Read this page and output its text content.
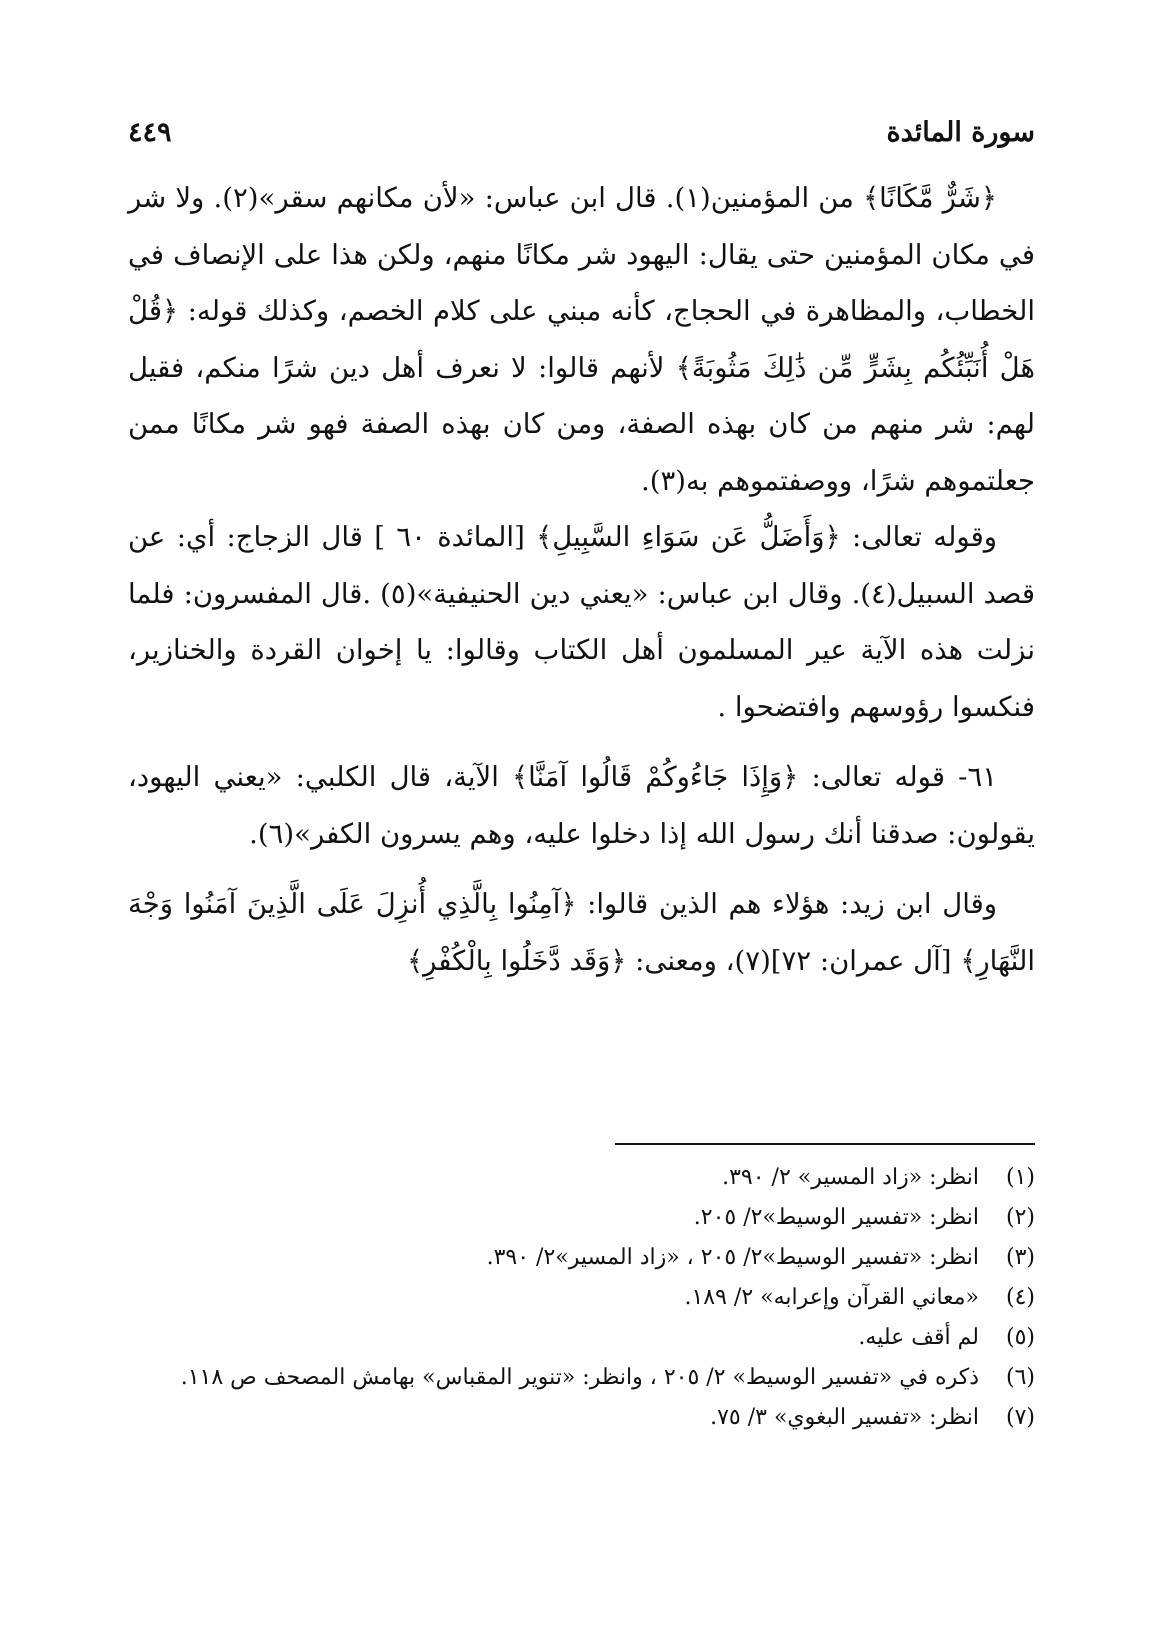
سورة المائدة
٤٤٩

﴿شَرٌّ مَّكَانًا﴾ من المؤمنين(١). قال ابن عباس: «لأن مكانهم سقر»(٢). ولا شر في مكان المؤمنين حتى يقال: اليهود شر مكانًا منهم، ولكن هذا على الإنصاف في الخطاب، والمظاهرة في الحجاج، كأنه مبني على كلام الخصم، وكذلك قوله: ﴿قُلْ هَلْ أُنَبِّئُكُم بِشَرٍّ مِّن ذَٰلِكَ مَثُوبَةً﴾ لأنهم قالوا: لا نعرف أهل دين شرًا منكم، فقيل لهم: شر منهم من كان بهذه الصفة، ومن كان بهذه الصفة فهو شر مكانًا ممن جعلتموهم شرًا، ووصفتموهم به(٣).

وقوله تعالى: ﴿وَأَضَلُّ عَن سَوَاءِ السَّبِيلِ﴾ [المائدة ٦٠ ] قال الزجاج: أي: عن قصد السبيل(٤). وقال ابن عباس: «يعني دين الحنيفية»(٥) .قال المفسرون: فلما نزلت هذه الآية عير المسلمون أهل الكتاب وقالوا: يا إخوان القردة والخنازير، فنكسوا رؤوسهم وافتضحوا .

٦١- قوله تعالى: ﴿وَإِذَا جَاءُوكُمْ قَالُوا آمَنَّا﴾ الآية، قال الكلبي: «يعني اليهود، يقولون: صدقنا أنك رسول الله إذا دخلوا عليه، وهم يسرون الكفر»(٦).

وقال ابن زيد: هؤلاء هم الذين قالوا: ﴿آمِنُوا بِالَّذِي أُنزِلَ عَلَى الَّذِينَ آمَنُوا وَجْهَ النَّهَارِ﴾ [آل عمران: ٧٢](٧)، ومعنى: ﴿وَقَد دَّخَلُوا بِالْكُفْرِ﴾

(١)
انظر: «زاد المسير» ٢/ ٣٩٠.
(٢)
انظر: «تفسير الوسيط»٢/ ٢٠٥.
(٣)
انظر: «تفسير الوسيط»٢/ ٢٠٥ ، «زاد المسير»٢/ ٣٩٠.
(٤)
«معاني القرآن وإعرابه» ٢/ ١٨٩.
(٥)
لم أقف عليه.
(٦)
ذكره في «تفسير الوسيط» ٢/ ٢٠٥ ، وانظر: «تنوير المقباس» بهامش المصحف ص ١١٨.
(٧)
انظر: «تفسير البغوي» ٣/ ٧٥.
